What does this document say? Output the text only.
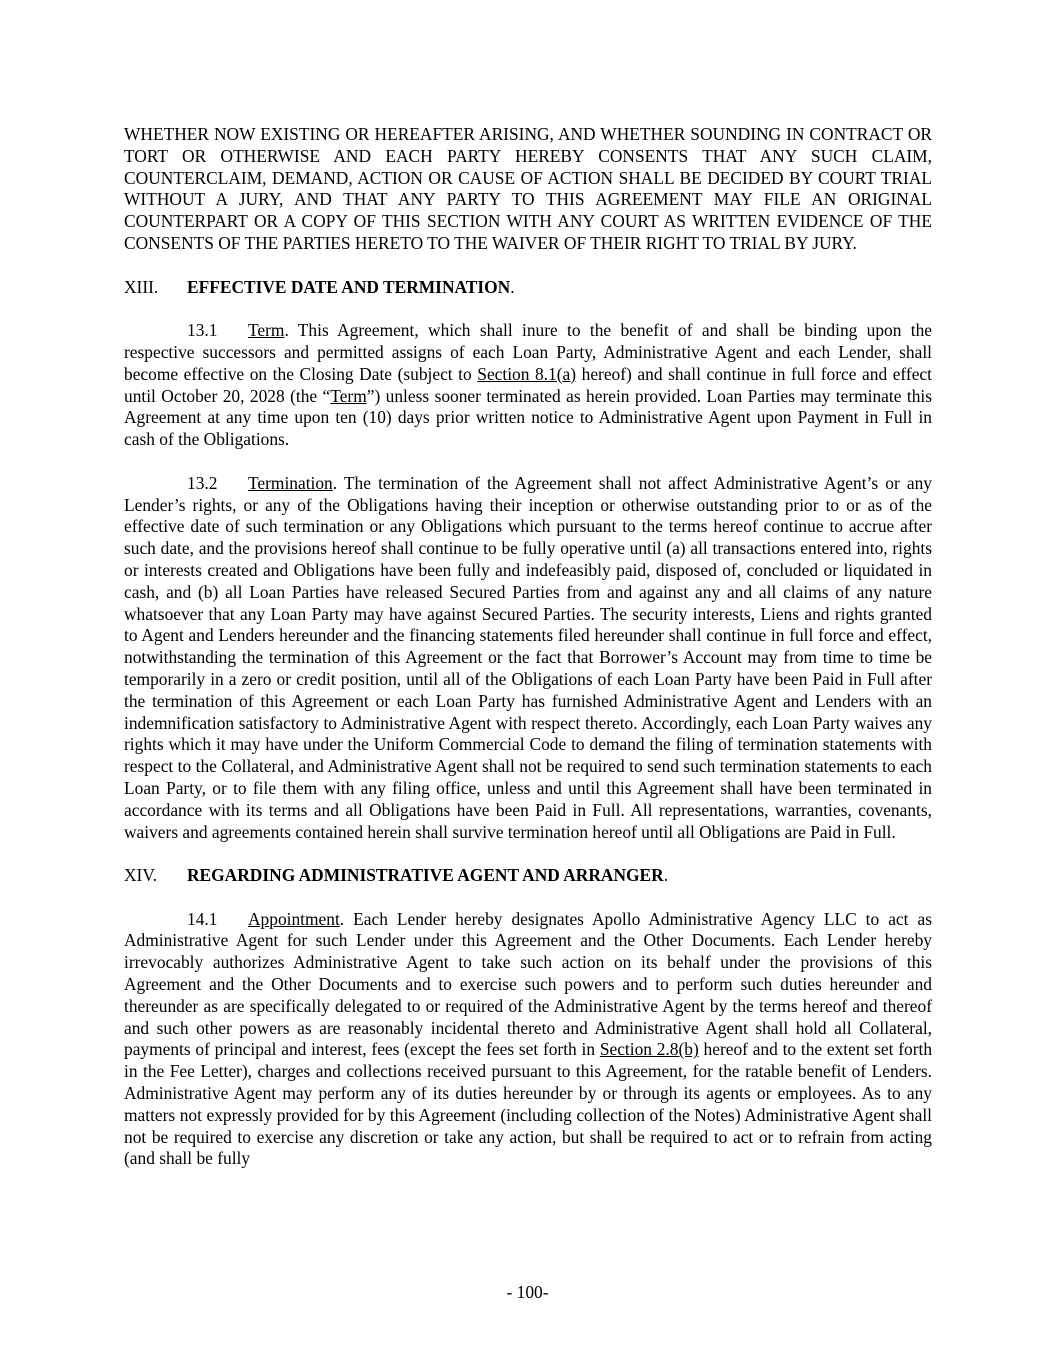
WHETHER NOW EXISTING OR HEREAFTER ARISING, AND WHETHER SOUNDING IN CONTRACT OR TORT OR OTHERWISE AND EACH PARTY HEREBY CONSENTS THAT ANY SUCH CLAIM, COUNTERCLAIM, DEMAND, ACTION OR CAUSE OF ACTION SHALL BE DECIDED BY COURT TRIAL WITHOUT A JURY, AND THAT ANY PARTY TO THIS AGREEMENT MAY FILE AN ORIGINAL COUNTERPART OR A COPY OF THIS SECTION WITH ANY COURT AS WRITTEN EVIDENCE OF THE CONSENTS OF THE PARTIES HERETO TO THE WAIVER OF THEIR RIGHT TO TRIAL BY JURY.

XIII. EFFECTIVE DATE AND TERMINATION.

13.1 Term. This Agreement, which shall inure to the benefit of and shall be binding upon the respective successors and permitted assigns of each Loan Party, Administrative Agent and each Lender, shall become effective on the Closing Date (subject to Section 8.1(a) hereof) and shall continue in full force and effect until October 20, 2028 (the “Term”) unless sooner terminated as herein provided. Loan Parties may terminate this Agreement at any time upon ten (10) days prior written notice to Administrative Agent upon Payment in Full in cash of the Obligations.

13.2 Termination. The termination of the Agreement shall not affect Administrative Agent’s or any Lender’s rights, or any of the Obligations having their inception or otherwise outstanding prior to or as of the effective date of such termination or any Obligations which pursuant to the terms hereof continue to accrue after such date, and the provisions hereof shall continue to be fully operative until (a) all transactions entered into, rights or interests created and Obligations have been fully and indefeasibly paid, disposed of, concluded or liquidated in cash, and (b) all Loan Parties have released Secured Parties from and against any and all claims of any nature whatsoever that any Loan Party may have against Secured Parties. The security interests, Liens and rights granted to Agent and Lenders hereunder and the financing statements filed hereunder shall continue in full force and effect, notwithstanding the termination of this Agreement or the fact that Borrower’s Account may from time to time be temporarily in a zero or credit position, until all of the Obligations of each Loan Party have been Paid in Full after the termination of this Agreement or each Loan Party has furnished Administrative Agent and Lenders with an indemnification satisfactory to Administrative Agent with respect thereto. Accordingly, each Loan Party waives any rights which it may have under the Uniform Commercial Code to demand the filing of termination statements with respect to the Collateral, and Administrative Agent shall not be required to send such termination statements to each Loan Party, or to file them with any filing office, unless and until this Agreement shall have been terminated in accordance with its terms and all Obligations have been Paid in Full. All representations, warranties, covenants, waivers and agreements contained herein shall survive termination hereof until all Obligations are Paid in Full.

XIV. REGARDING ADMINISTRATIVE AGENT AND ARRANGER.

14.1 Appointment. Each Lender hereby designates Apollo Administrative Agency LLC to act as Administrative Agent for such Lender under this Agreement and the Other Documents. Each Lender hereby irrevocably authorizes Administrative Agent to take such action on its behalf under the provisions of this Agreement and the Other Documents and to exercise such powers and to perform such duties hereunder and thereunder as are specifically delegated to or required of the Administrative Agent by the terms hereof and thereof and such other powers as are reasonably incidental thereto and Administrative Agent shall hold all Collateral, payments of principal and interest, fees (except the fees set forth in Section 2.8(b) hereof and to the extent set forth in the Fee Letter), charges and collections received pursuant to this Agreement, for the ratable benefit of Lenders. Administrative Agent may perform any of its duties hereunder by or through its agents or employees. As to any matters not expressly provided for by this Agreement (including collection of the Notes) Administrative Agent shall not be required to exercise any discretion or take any action, but shall be required to act or to refrain from acting (and shall be fully

- 100-
